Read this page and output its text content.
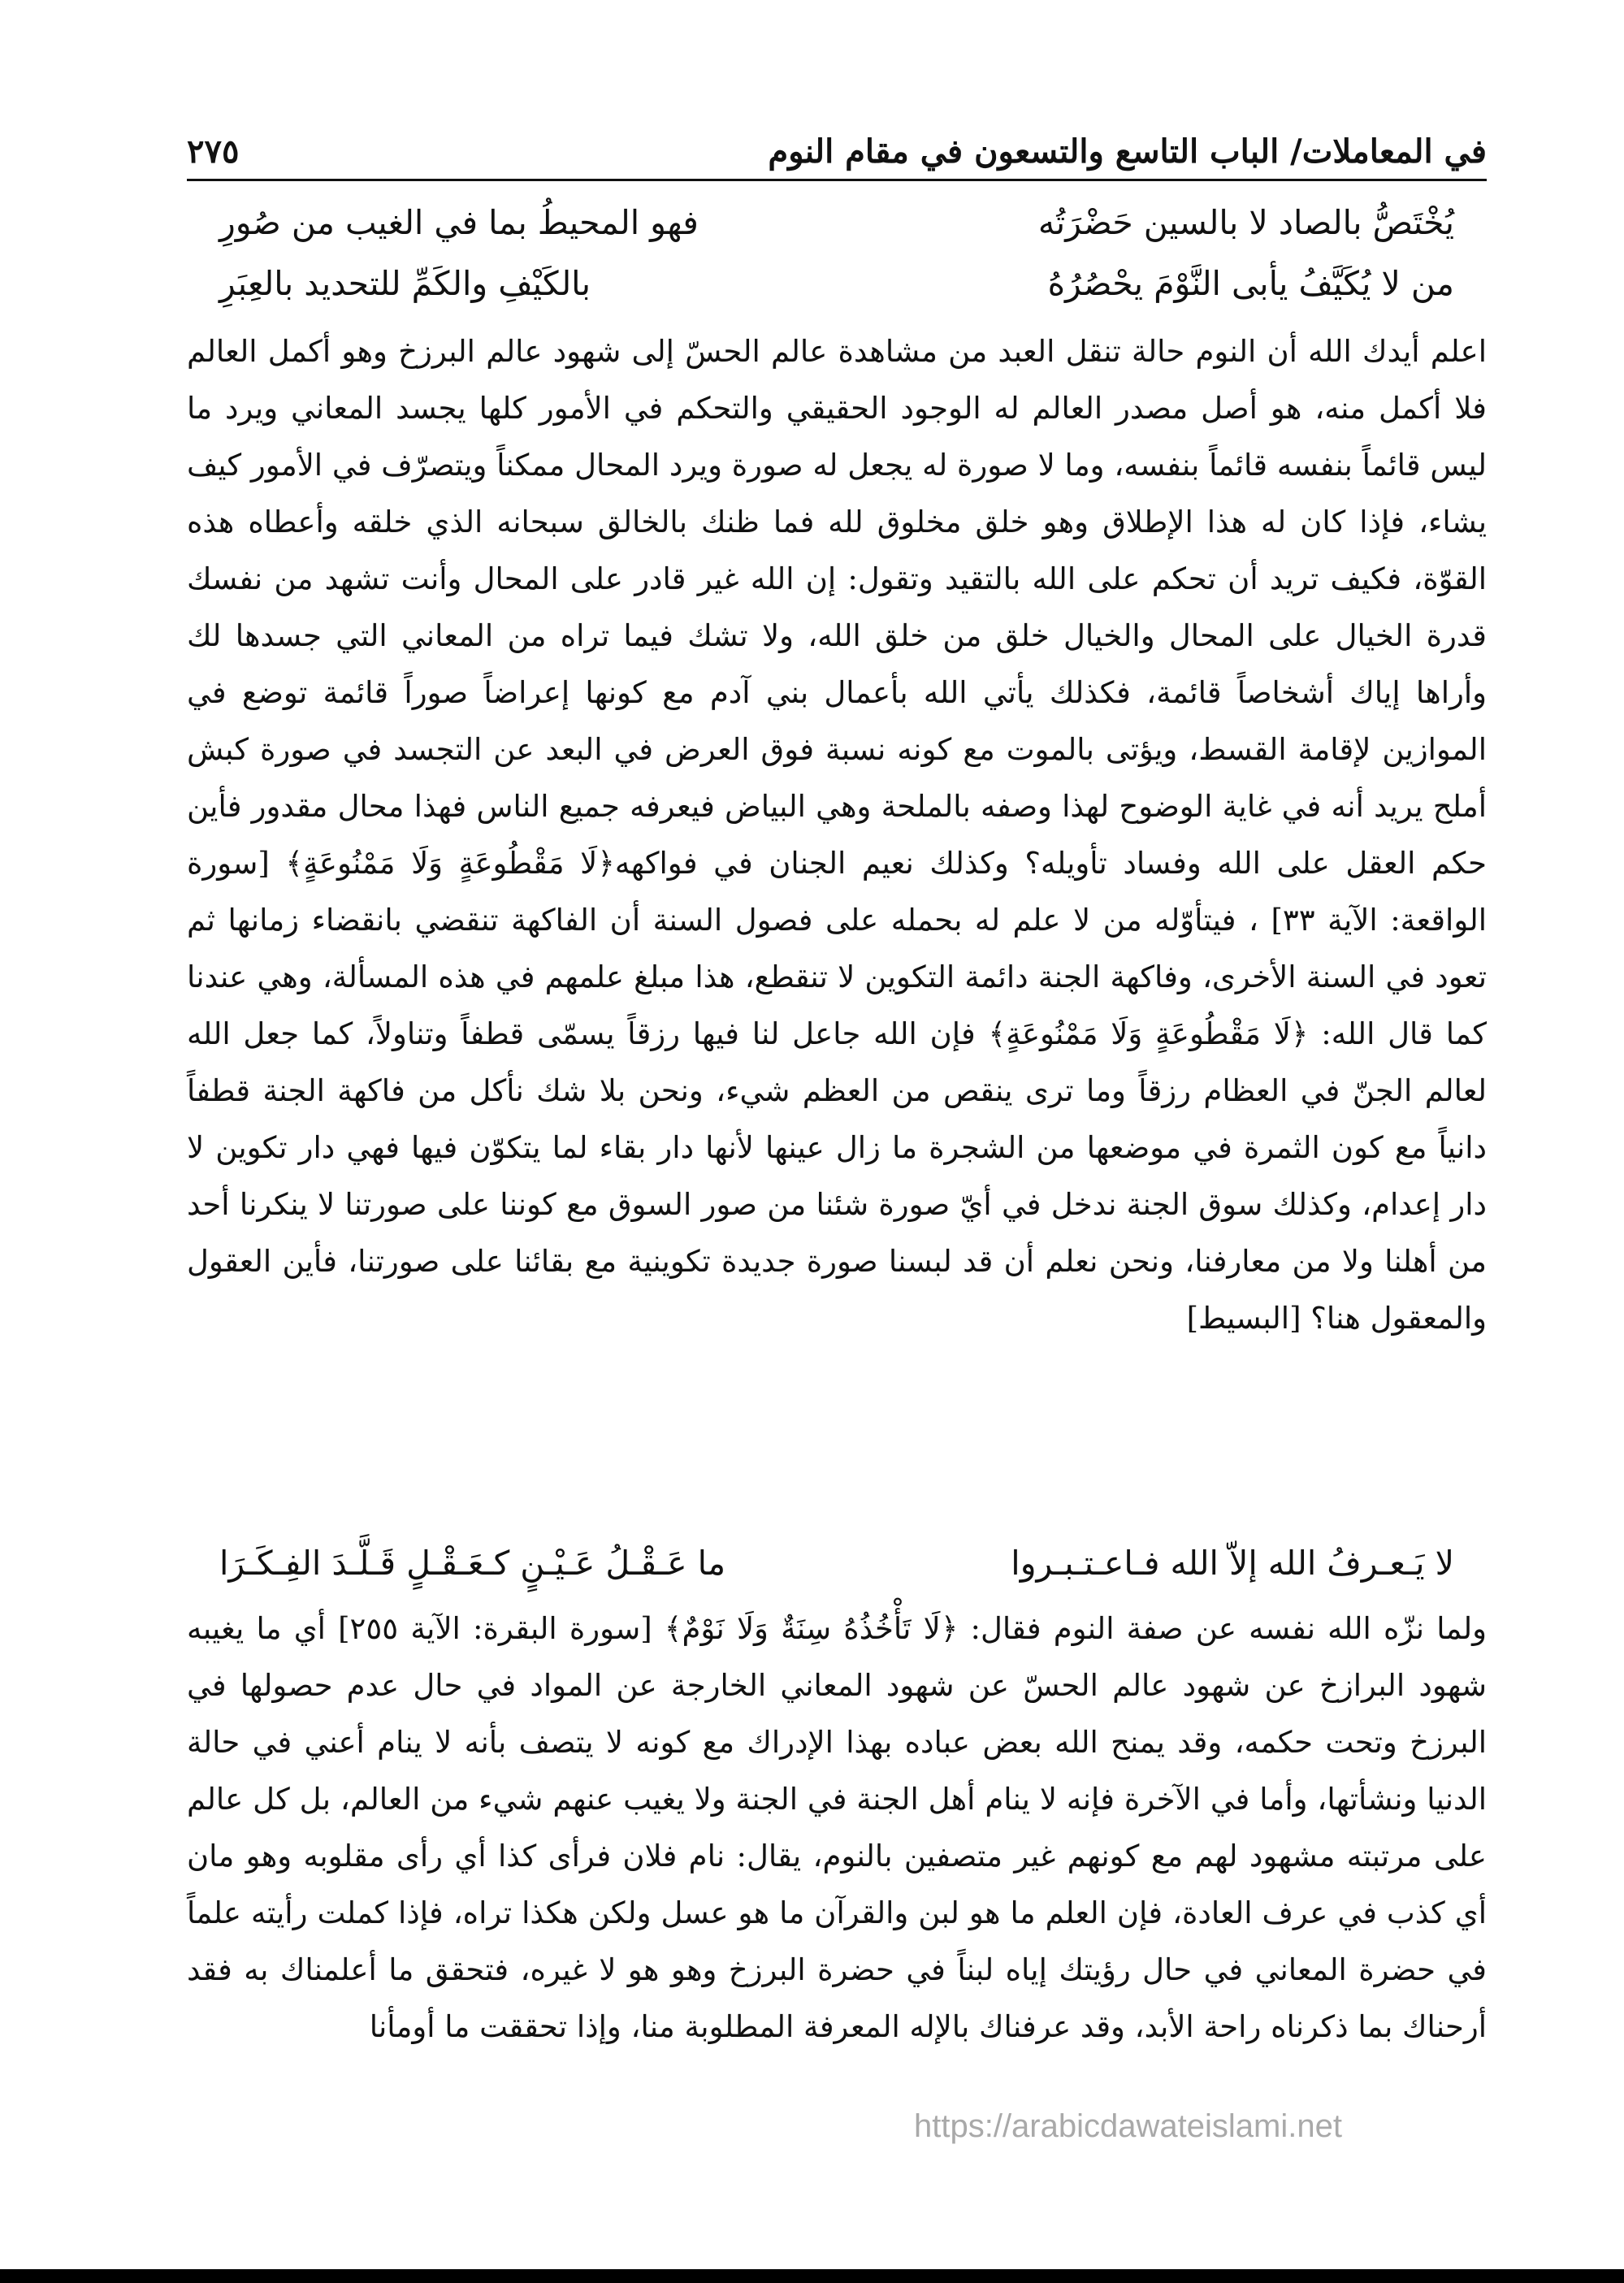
في المعاملات/ الباب التاسع والتسعون في مقام النوم
٢٧٥
يُخْتَصُّ بالصاد لا بالسين حَضْرَتُه
فهو المحيطُ بما في الغيب من صُورِ
من لا يُكَيَّفُ يأبى النَّوْمَ يحْصُرُهُ
بالكَيْفِ والكَمِّ للتحديد بالعِبَرِ

اعلم أيدك الله أن النوم حالة تنقل العبد من مشاهدة عالم الحسّ إلى شهود عالم البرزخ وهو أكمل العالم فلا أكمل منه، هو أصل مصدر العالم له الوجود الحقيقي والتحكم في الأمور كلها يجسد المعاني ويرد ما ليس قائماً بنفسه قائماً بنفسه، وما لا صورة له يجعل له صورة ويرد المحال ممكناً ويتصرّف في الأمور كيف يشاء، فإذا كان له هذا الإطلاق وهو خلق مخلوق لله فما ظنك بالخالق سبحانه الذي خلقه وأعطاه هذه القوّة، فكيف تريد أن تحكم على الله بالتقيد وتقول: إن الله غير قادر على المحال وأنت تشهد من نفسك قدرة الخيال على المحال والخيال خلق من خلق الله، ولا تشك فيما تراه من المعاني التي جسدها لك وأراها إياك أشخاصاً قائمة، فكذلك يأتي الله بأعمال بني آدم مع كونها إعراضاً صوراً قائمة توضع في الموازين لإقامة القسط، ويؤتى بالموت مع كونه نسبة فوق العرض في البعد عن التجسد في صورة كبش أملح يريد أنه في غاية الوضوح لهذا وصفه بالملحة وهي البياض فيعرفه جميع الناس فهذا محال مقدور فأين حكم العقل على الله وفساد تأويله؟ وكذلك نعيم الجنان في فواكهه﴿لَا مَقْطُوعَةٍ وَلَا مَمْنُوعَةٍ﴾ [سورة الواقعة: الآية ٣٣] ، فيتأوّله من لا علم له بحمله على فصول السنة أن الفاكهة تنقضي بانقضاء زمانها ثم تعود في السنة الأخرى، وفاكهة الجنة دائمة التكوين لا تنقطع، هذا مبلغ علمهم في هذه المسألة، وهي عندنا كما قال الله: ﴿لَا مَقْطُوعَةٍ وَلَا مَمْنُوعَةٍ﴾ فإن الله جاعل لنا فيها رزقاً يسمّى قطفاً وتناولاً، كما جعل الله لعالم الجنّ في العظام رزقاً وما ترى ينقص من العظم شيء، ونحن بلا شك نأكل من فاكهة الجنة قطفاً دانياً مع كون الثمرة في موضعها من الشجرة ما زال عينها لأنها دار بقاء لما يتكوّن فيها فهي دار تكوين لا دار إعدام، وكذلك سوق الجنة ندخل في أيّ صورة شئنا من صور السوق مع كوننا على صورتنا لا ينكرنا أحد من أهلنا ولا من معارفنا، ونحن نعلم أن قد لبسنا صورة جديدة تكوينية مع بقائنا على صورتنا، فأين العقول والمعقول هنا؟ [البسيط]

لا يَـعـرفُ الله إلاّ الله فـاعـتـبـروا
ما عَـقْـلُ عَـيْـنٍ كـعَـقْـلٍ قَـلَّـدَ الفِـكَـرَا

ولما نزّه الله نفسه عن صفة النوم فقال: ﴿لَا تَأْخُذُهُ سِنَةٌ وَلَا نَوْمٌ﴾ [سورة البقرة: الآية ٢٥٥] أي ما يغيبه شهود البرازخ عن شهود عالم الحسّ عن شهود المعاني الخارجة عن المواد في حال عدم حصولها في البرزخ وتحت حكمه، وقد يمنح الله بعض عباده بهذا الإدراك مع كونه لا يتصف بأنه لا ينام أعني في حالة الدنيا ونشأتها، وأما في الآخرة فإنه لا ينام أهل الجنة في الجنة ولا يغيب عنهم شيء من العالم، بل كل عالم على مرتبته مشهود لهم مع كونهم غير متصفين بالنوم، يقال: نام فلان فرأى كذا أي رأى مقلوبه وهو مان أي كذب في عرف العادة، فإن العلم ما هو لبن والقرآن ما هو عسل ولكن هكذا تراه، فإذا كملت رأيته علماً في حضرة المعاني في حال رؤيتك إياه لبناً في حضرة البرزخ وهو هو لا غيره، فتحقق ما أعلمناك به فقد أرحناك بما ذكرناه راحة الأبد، وقد عرفناك بالإله المعرفة المطلوبة منا، وإذا تحققت ما أومأنا

https://arabicdawateislami.net
